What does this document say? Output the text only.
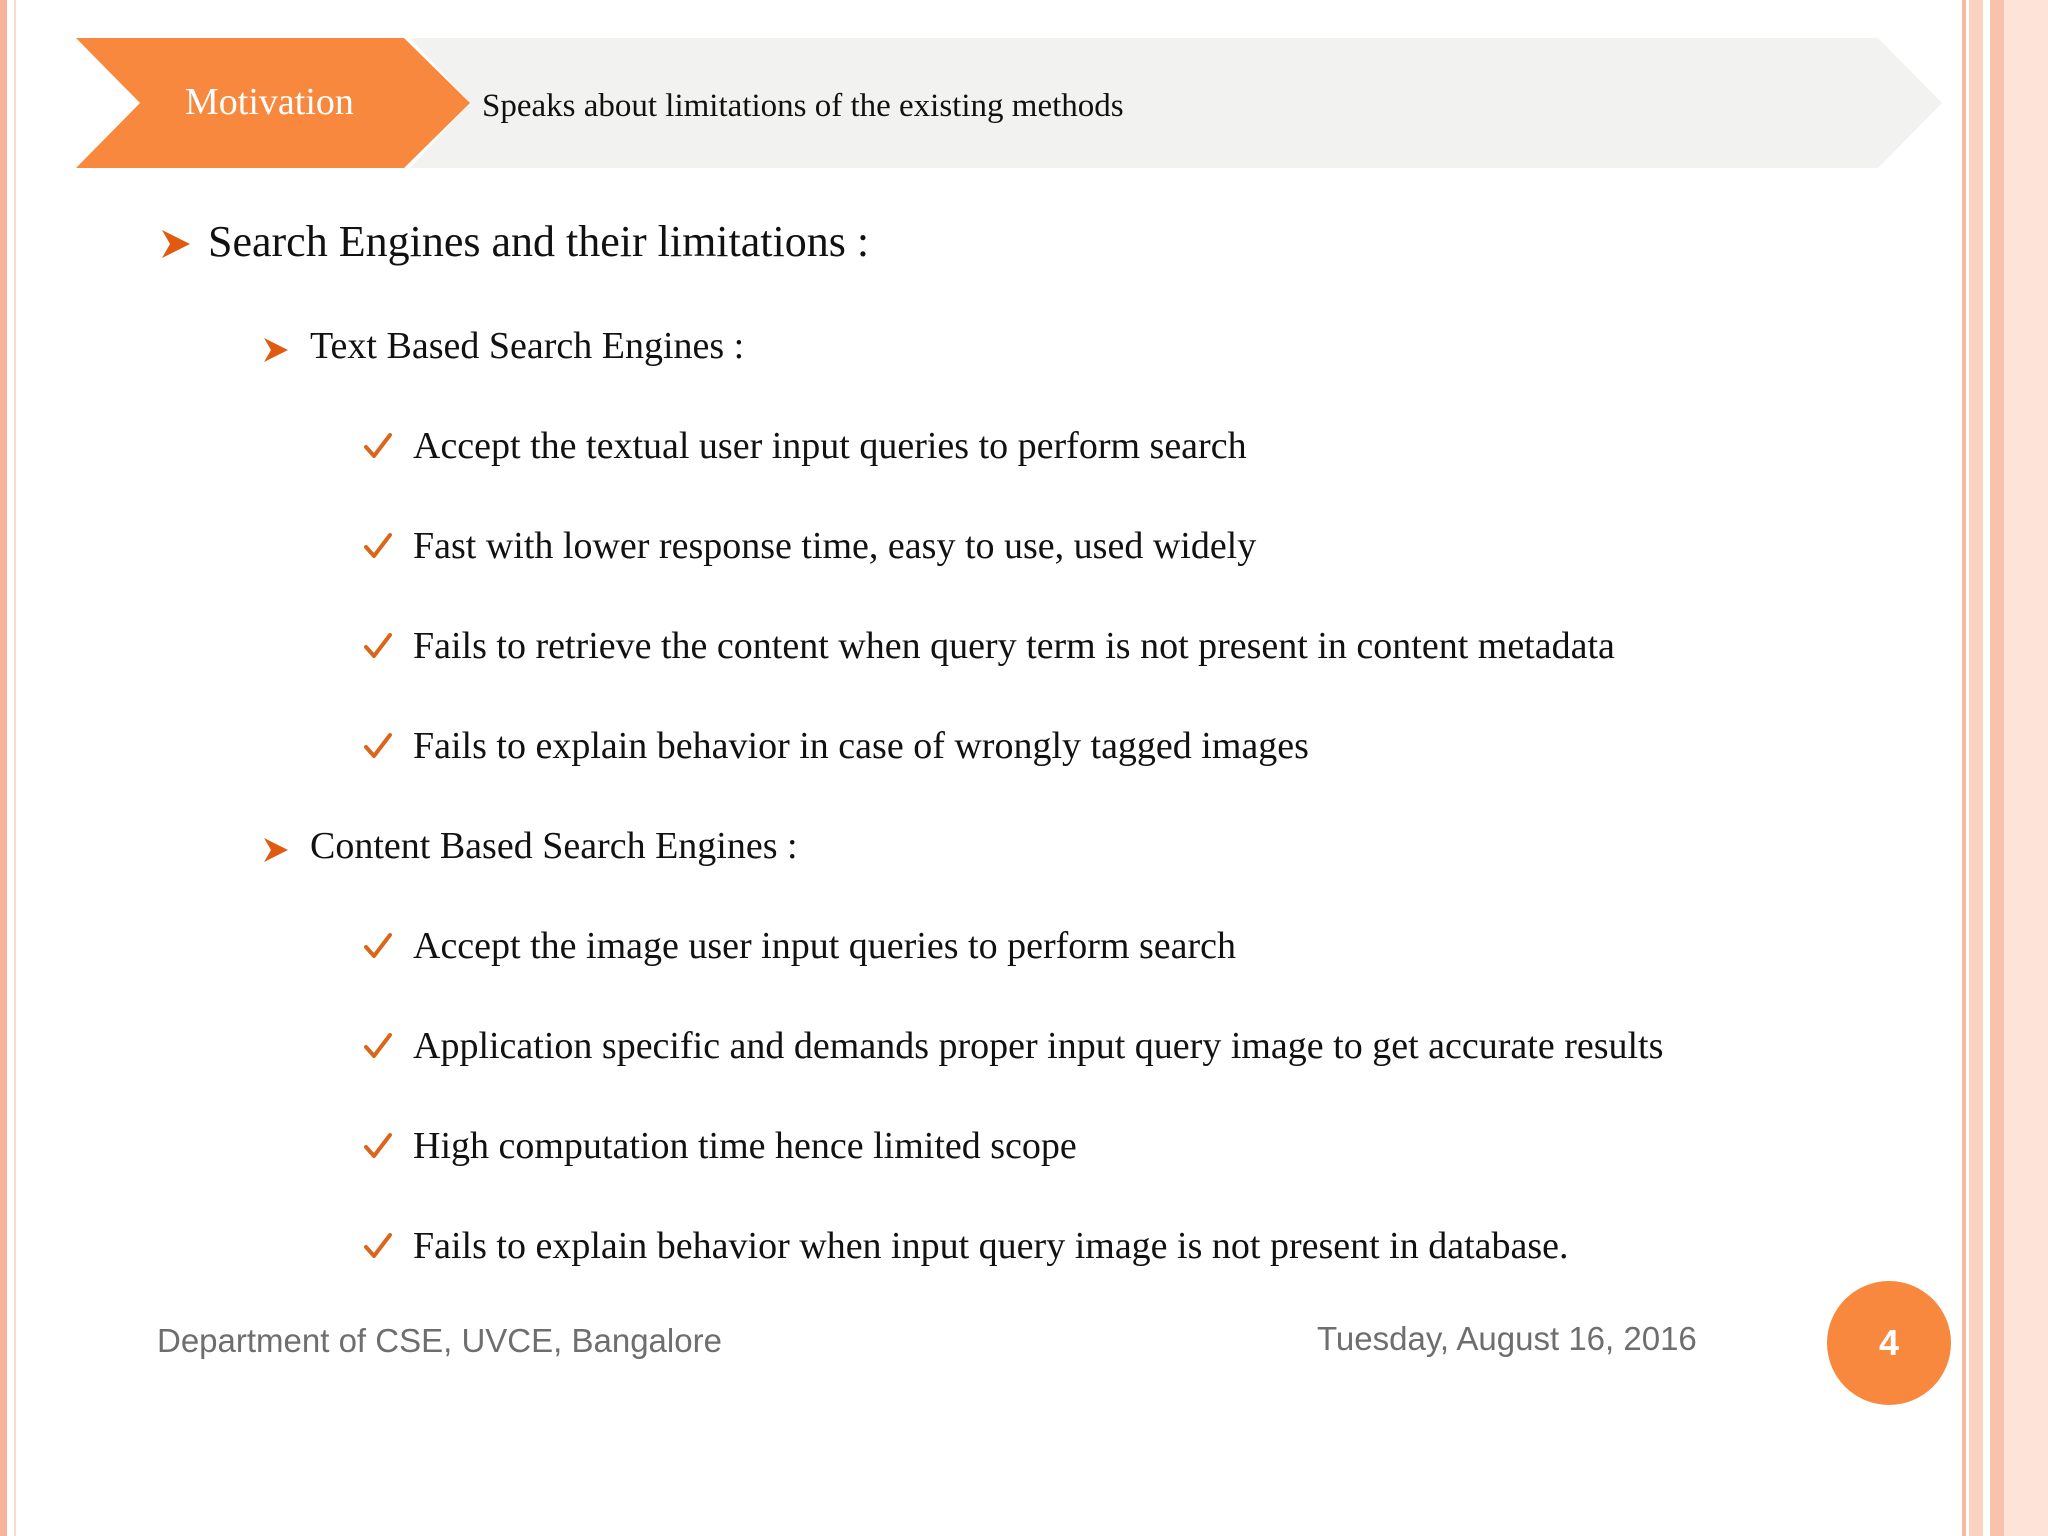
Motivation	Speaks about limitations of the existing methods
Search Engines and their limitations :
Text Based Search Engines :
Accept the textual user input queries to perform search
Fast with lower response time, easy to use, used widely
Fails to retrieve the content when query term is not present in content metadata
Fails to explain behavior in case of wrongly tagged images
Content Based Search Engines :
Accept the image user input queries to perform search
Application specific and demands proper input query image to get accurate results
High computation time hence limited scope
Fails to explain behavior when input query image is not present in database.
Department of CSE, UVCE, Bangalore	Tuesday, August 16, 2016	4
